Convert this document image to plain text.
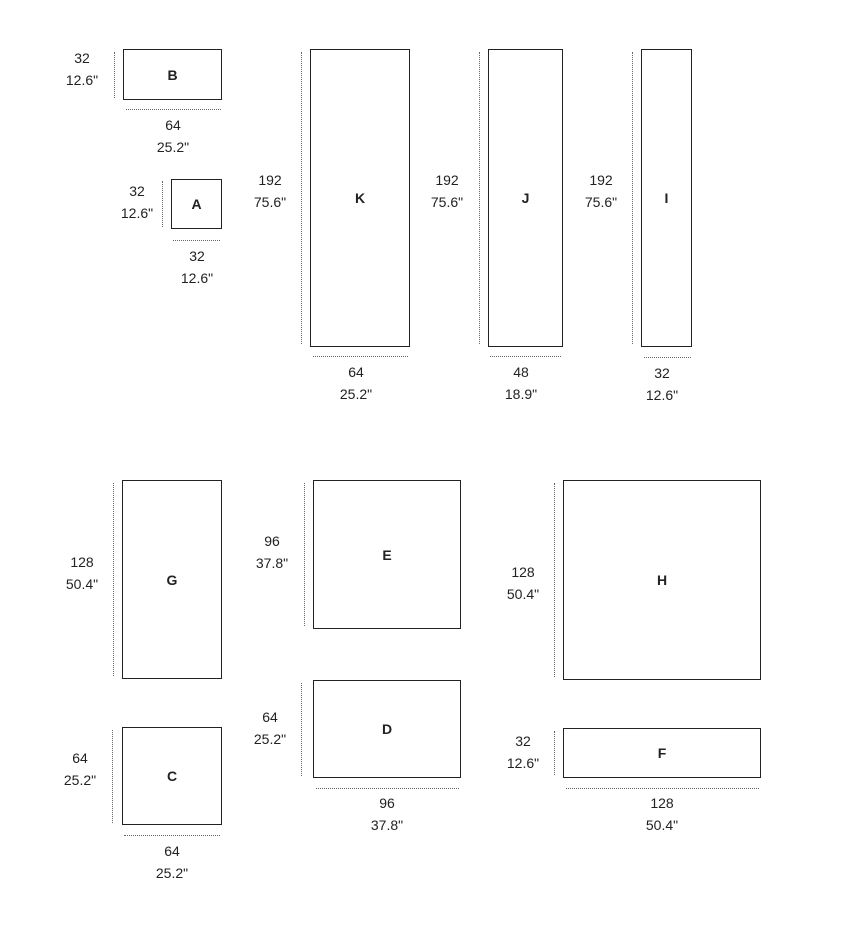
B
32
12.6"
64
25.2"
A
32
12.6"
32
12.6"
K
192
75.6"
64
25.2"
J
192
75.6"
48
18.9"
I
192
75.6"
32
12.6"
G
128
50.4"
C
64
25.2"
64
25.2"
E
96
37.8"
D
64
25.2"
96
37.8"
H
128
50.4"
F
32
12.6"
128
50.4"
